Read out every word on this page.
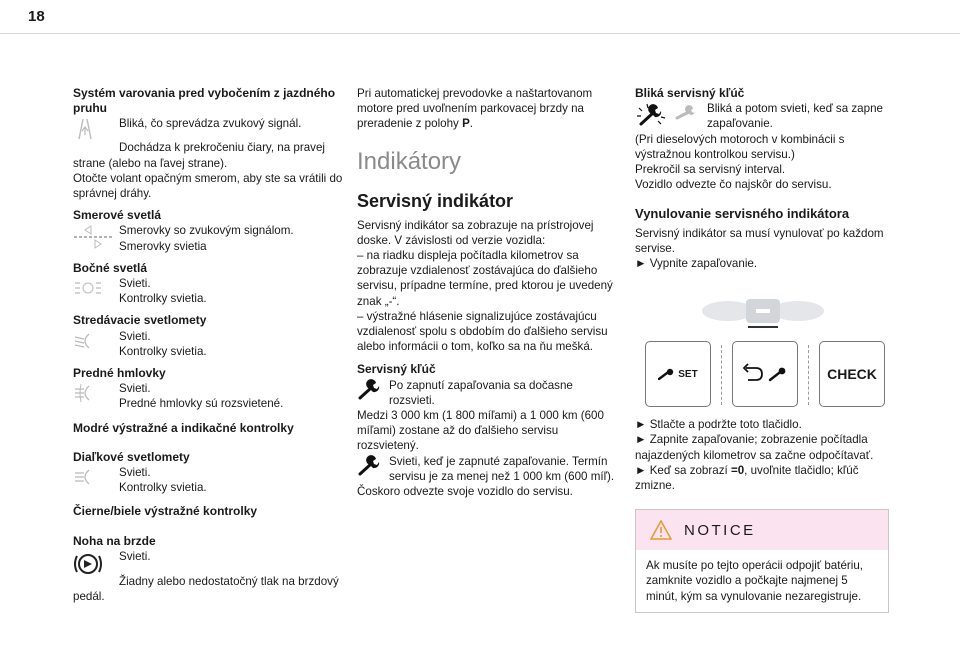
18
Systém varovania pred vybočením z jazdného pruhu
Bliká, čo sprevádza zvukový signál.
Dochádza k prekročeniu čiary, na pravej strane (alebo na ľavej strane).
Otočte volant opačným smerom, aby ste sa vrátili do správnej dráhy.
Smerové svetlá
Smerovky so zvukovým signálom.
Smerovky svietia
Bočné svetlá
Svieti.
Kontrolky svietia.
Stredávacie svetlomety
Svieti.
Kontrolky svietia.
Predné hmlovky
Svieti.
Predné hmlovky sú rozsvietené.
Modré výstražné a indikačné kontrolky
Diaľkové svetlomety
Svieti.
Kontrolky svietia.
Čierne/biele výstražné kontrolky
Noha na brzde
Svieti.
Žiadny alebo nedostatočný tlak na brzdový pedál.
Pri automatickej prevodovke a naštartovanom motore pred uvoľnením parkovacej brzdy na preradenie z polohy P.
Indikátory
Servisný indikátor
Servisný indikátor sa zobrazuje na prístrojovej doske. V závislosti od verzie vozidla:
– na riadku displeja počítadla kilometrov sa zobrazuje vzdialenosť zostávajúca do ďalšieho servisu, prípadne termíne, pred ktorou je uvedený znak „-“.
– výstražné hlásenie signalizujúce zostávajúcu vzdialenosť spolu s obdobím do ďalšieho servisu alebo informácii o tom, koľko sa na ňu mešká.
Servisný kľúč
Po zapnutí zapaľovania sa dočasne rozsvieti.
Medzi 3 000 km (1 800 míľami) a 1 000 km (600 míľami) zostane až do ďalšieho servisu rozsvietený.
Svieti, keď je zapnuté zapaľovanie. Termín servisu je za menej než 1 000 km (600 míľ).
Čoskoro odvezte svoje vozidlo do servisu.
Bliká servisný kľúč
Bliká a potom svieti, keď sa zapne zapaľovanie.
(Pri dieselových motoroch v kombinácii s výstražnou kontrolkou servisu.)
Prekročil sa servisný interval.
Vozidlo odvezte čo najskôr do servisu.
Vynulovanie servisného indikátora
Servisný indikátor sa musí vynulovať po každom servise.
► Vypnite zapaľovanie.
SET	CHECK
► Stlačte a podržte toto tlačidlo.
► Zapnite zapaľovanie; zobrazenie počítadla najazdených kilometrov sa začne odpočítavať.
► Keď sa zobrazí =0, uvoľnite tlačidlo; kľúč zmizne.
NOTICE
Ak musíte po tejto operácii odpojiť batériu, zamknite vozidlo a počkajte najmenej 5 minút, kým sa vynulovanie nezaregistruje.
